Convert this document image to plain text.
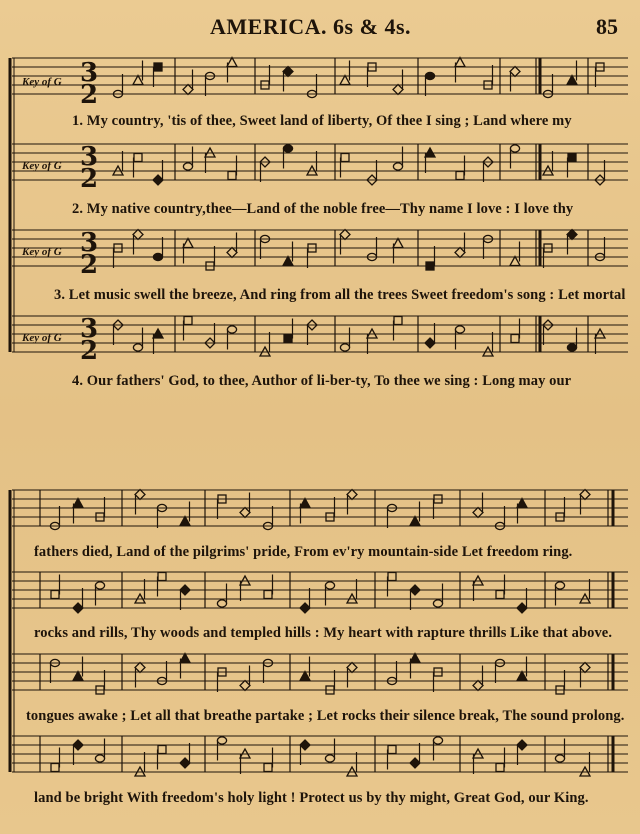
AMERICA. 6s & 4s.	85
Key of G
Key of G
Key of G
Key of G
3
2
3
2
3
2
3
2
1. My country, 'tis of thee, Sweet land of liberty, Of thee I sing ; Land where my
2. My native country,thee—Land of the noble free—Thy name I love : I love thy
3. Let music swell the breeze, And ring from all the trees Sweet freedom's song : Let mortal
4. Our fathers' God, to thee, Author of li-ber-ty, To thee we sing : Long may our
fathers died, Land of the pilgrims' pride, From ev'ry mountain-side Let freedom ring.
rocks and rills, Thy woods and templed hills : My heart with rapture thrills Like that above.
tongues awake ; Let all that breathe partake ; Let rocks their silence break, The sound prolong.
land be bright With freedom's holy light ! Protect us by thy might, Great God, our King.
